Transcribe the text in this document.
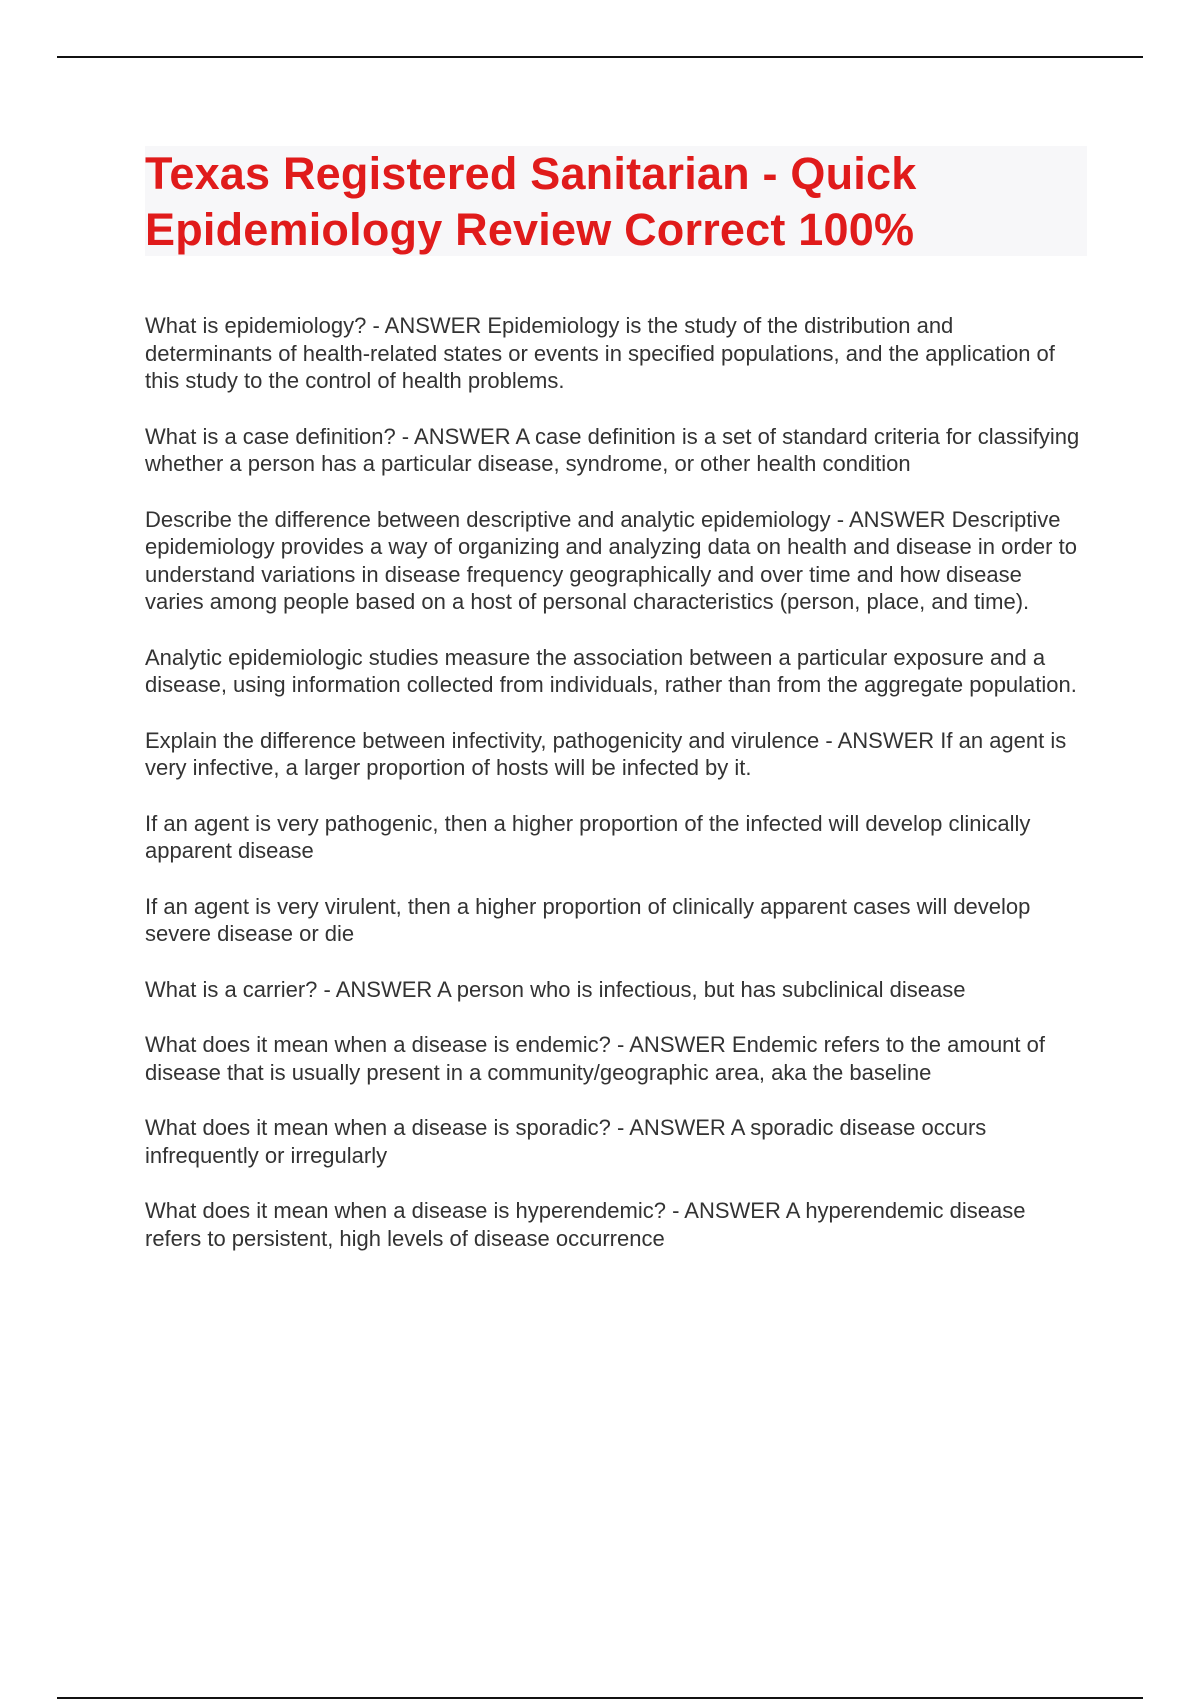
Texas Registered Sanitarian - Quick Epidemiology Review Correct 100%

What is epidemiology? - ANSWER Epidemiology is the study of the distribution and determinants of health-related states or events in specified populations, and the application of this study to the control of health problems.

What is a case definition? - ANSWER A case definition is a set of standard criteria for classifying whether a person has a particular disease, syndrome, or other health condition

Describe the difference between descriptive and analytic epidemiology - ANSWER Descriptive epidemiology provides a way of organizing and analyzing data on health and disease in order to understand variations in disease frequency geographically and over time and how disease varies among people based on a host of personal characteristics (person, place, and time).

Analytic epidemiologic studies measure the association between a particular exposure and a disease, using information collected from individuals, rather than from the aggregate population.

Explain the difference between infectivity, pathogenicity and virulence - ANSWER If an agent is very infective, a larger proportion of hosts will be infected by it.

If an agent is very pathogenic, then a higher proportion of the infected will develop clinically apparent disease

If an agent is very virulent, then a higher proportion of clinically apparent cases will develop severe disease or die

What is a carrier? - ANSWER A person who is infectious, but has subclinical disease

What does it mean when a disease is endemic? - ANSWER Endemic refers to the amount of disease that is usually present in a community/geographic area, aka the baseline

What does it mean when a disease is sporadic? - ANSWER A sporadic disease occurs infrequently or irregularly

What does it mean when a disease is hyperendemic? - ANSWER A hyperendemic disease refers to persistent, high levels of disease occurrence
